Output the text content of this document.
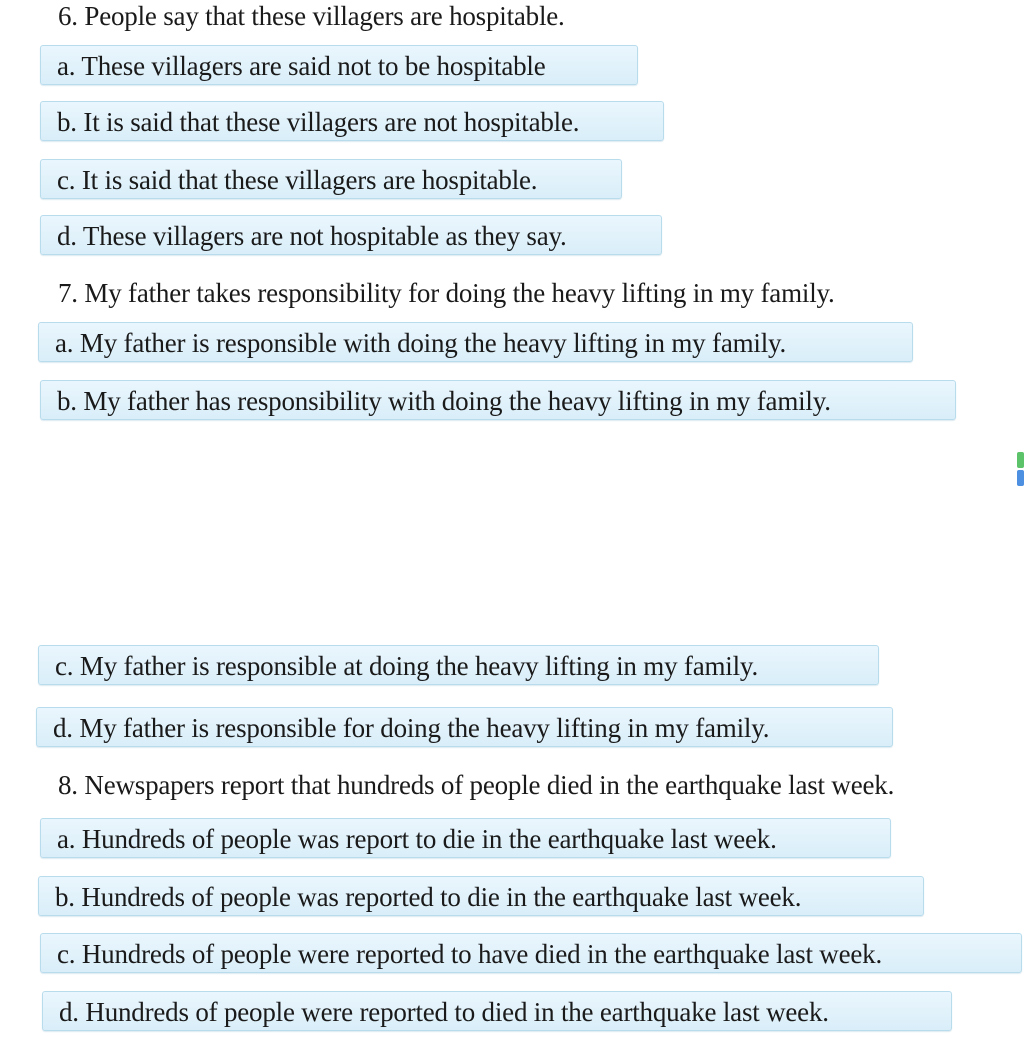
6. People say that these villagers are hospitable.
a. These villagers are said not to be hospitable
b. It is said that these villagers are not hospitable.
c. It is said that these villagers are hospitable.
d. These villagers are not hospitable as they say.
7. My father takes responsibility for doing the heavy lifting in my family.
a. My father is responsible with doing the heavy lifting in my family.
b. My father has responsibility with doing the heavy lifting in my family.
c. My father is responsible at doing the heavy lifting in my family.
d. My father is responsible for doing the heavy lifting in my family.
8. Newspapers report that hundreds of people died in the earthquake last week.
a. Hundreds of people was report to die in the earthquake last week.
b. Hundreds of people was reported to die in the earthquake last week.
c. Hundreds of people were reported to have died in the earthquake last week.
d. Hundreds of people were reported to died in the earthquake last week.
